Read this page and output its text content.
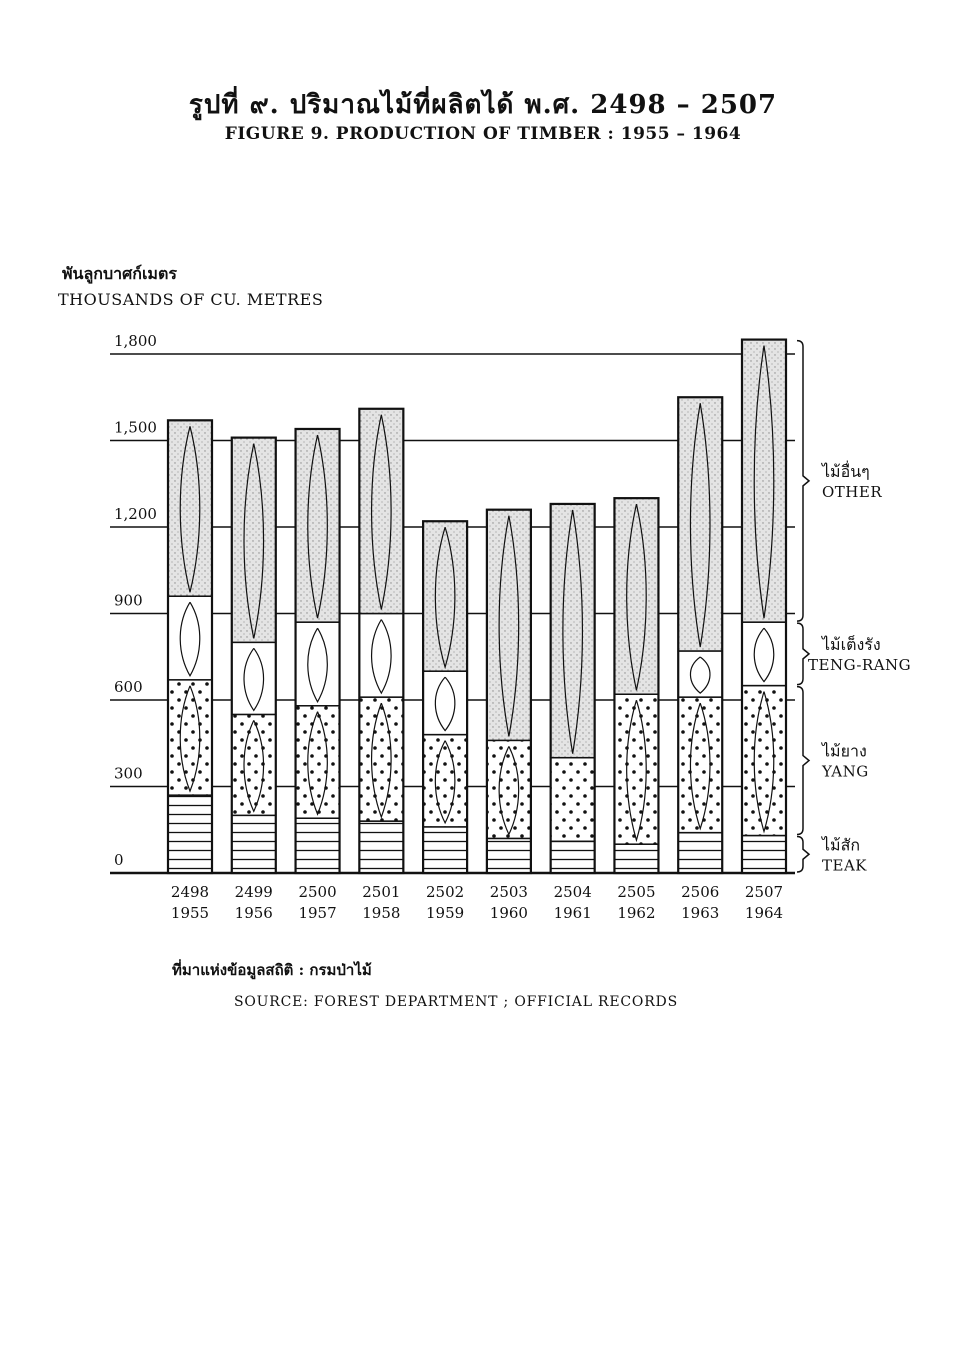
รูปที่ ๙. ปริมาณไม้ที่ผลิตได้ พ.ศ. 2498 – 2507
FIGURE 9. PRODUCTION OF TIMBER : 1955 – 1964
พันลูกบาศก์เมตร
THOUSANDS OF CU. METRES
0
300
600
900
1,200
1,500
1,800
2498
1955
2499
1956
2500
1957
2501
1958
2502
1959
2503
1960
2504
1961
2505
1962
2506
1963
2507
1964
ไม้สัก
TEAK
ไม้ยาง
YANG
ไม้เต็งรัง
TENG-RANG
ไม้อื่นๆ
OTHER
ที่มาแห่งข้อมูลสถิติ : กรมป่าไม้
SOURCE: FOREST DEPARTMENT ; OFFICIAL RECORDS
